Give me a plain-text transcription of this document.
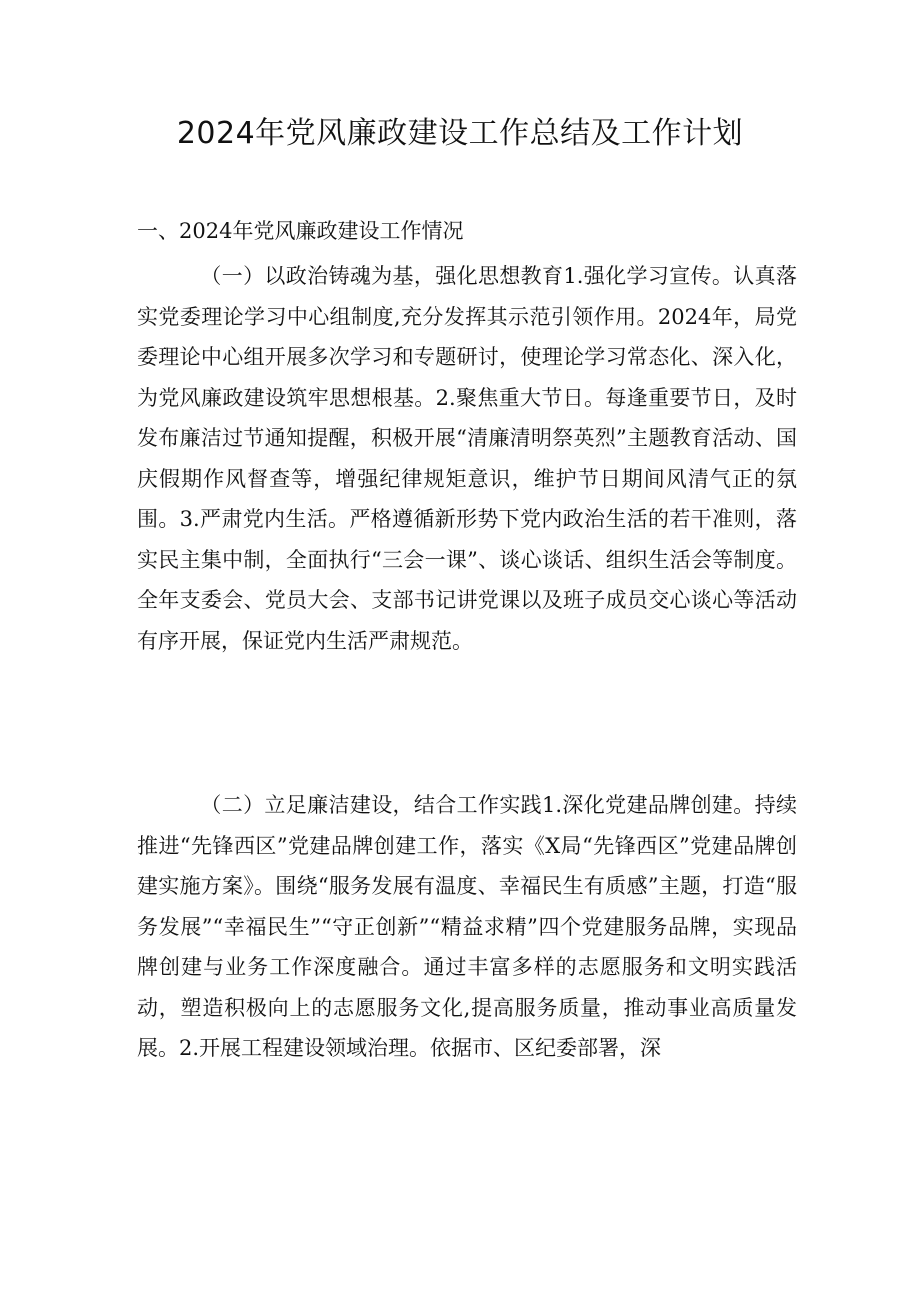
2024年党风廉政建设工作总结及工作计划
一、2024年党风廉政建设工作情况

（一）以政治铸魂为基，强化思想教育1.强化学习宣传。认真落实党委理论学习中心组制度,充分发挥其示范引领作用。2024年，局党委理论中心组开展多次学习和专题研讨，使理论学习常态化、深入化，为党风廉政建设筑牢思想根基。2.聚焦重大节日。每逢重要节日，及时发布廉洁过节通知提醒，积极开展“清廉清明祭英烈”主题教育活动、国庆假期作风督查等，增强纪律规矩意识，维护节日期间风清气正的氛围。3.严肃党内生活。严格遵循新形势下党内政治生活的若干准则，落实民主集中制，全面执行“三会一课”、谈心谈话、组织生活会等制度。全年支委会、党员大会、支部书记讲党课以及班子成员交心谈心等活动有序开展，保证党内生活严肃规范。

（二）立足廉洁建设，结合工作实践1.深化党建品牌创建。持续推进“先锋西区”党建品牌创建工作，落实《X局“先锋西区”党建品牌创建实施方案》。围绕“服务发展有温度、幸福民生有质感”主题，打造“服务发展”“幸福民生”“守正创新”“精益求精”四个党建服务品牌，实现品牌创建与业务工作深度融合。通过丰富多样的志愿服务和文明实践活动，塑造积极向上的志愿服务文化,提高服务质量，推动事业高质量发展。2.开展工程建设领域治理。依据市、区纪委部署，深
